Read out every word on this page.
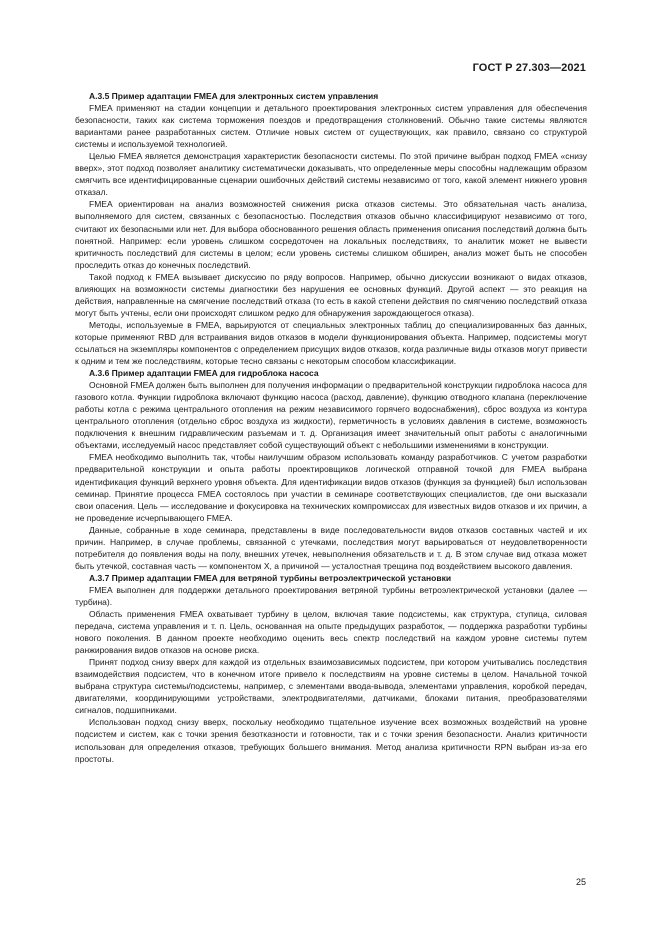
ГОСТ Р 27.303—2021
А.3.5 Пример адаптации FMEA для электронных систем управления

FMEA применяют на стадии концепции и детального проектирования электронных систем управления для обеспечения безопасности, таких как система торможения поездов и предотвращения столкновений. Обычно такие системы являются вариантами ранее разработанных систем. Отличие новых систем от существующих, как правило, связано со структурой системы и используемой технологией.

Целью FMEA является демонстрация характеристик безопасности системы. По этой причине выбран подход FMEA «снизу вверх», этот подход позволяет аналитику систематически доказывать, что определенные меры способны надлежащим образом смягчить все идентифицированные сценарии ошибочных действий системы независимо от того, какой элемент нижнего уровня отказал.

FMEA ориентирован на анализ возможностей снижения риска отказов системы. Это обязательная часть анализа, выполняемого для систем, связанных с безопасностью. Последствия отказов обычно классифицируют независимо от того, считают их безопасными или нет. Для выбора обоснованного решения область применения описания последствий должна быть понятной. Например: если уровень слишком сосредоточен на локальных последствиях, то аналитик может не вывести критичность последствий для системы в целом; если уровень системы слишком обширен, анализ может быть не способен проследить отказ до конечных последствий.

Такой подход к FMEA вызывает дискуссию по ряду вопросов. Например, обычно дискуссии возникают о видах отказов, влияющих на возможности системы диагностики без нарушения ее основных функций. Другой аспект — это реакция на действия, направленные на смягчение последствий отказа (то есть в какой степени действия по смягчению последствий отказа могут быть учтены, если они происходят слишком редко для обнаружения зарождающегося отказа).

Методы, используемые в FMEA, варьируются от специальных электронных таблиц до специализированных баз данных, которые применяют RBD для встраивания видов отказов в модели функционирования объекта. Например, подсистемы могут ссылаться на экземпляры компонентов с определением присущих видов отказов, когда различные виды отказов могут привести к одним и тем же последствиям, которые тесно связаны с некоторым способом классификации.

А.3.6 Пример адаптации FMEA для гидроблока насоса

Основной FMEA должен быть выполнен для получения информации о предварительной конструкции гидроблока насоса для газового котла. Функции гидроблока включают функцию насоса (расход, давление), функцию отводного клапана (переключение работы котла с режима центрального отопления на режим независимого горячего водоснабжения), сброс воздуха из контура центрального отопления (отдельно сброс воздуха из жидкости), герметичность в условиях давления в системе, возможность подключения к внешним гидравлическим разъемам и т. д. Организация имеет значительный опыт работы с аналогичными объектами, исследуемый насос представляет собой существующий объект с небольшими изменениями в конструкции.

FMEA необходимо выполнить так, чтобы наилучшим образом использовать команду разработчиков. С учетом разработки предварительной конструкции и опыта работы проектировщиков логической отправной точкой для FMEA выбрана идентификация функций верхнего уровня объекта. Для идентификации видов отказов (функция за функцией) был использован семинар. Принятие процесса FMEA состоялось при участии в семинаре соответствующих специалистов, где они высказали свои опасения. Цель — исследование и фокусировка на технических компромиссах для известных видов отказов и их причин, а не проведение исчерпывающего FMEA.

Данные, собранные в ходе семинара, представлены в виде последовательности видов отказов составных частей и их причин. Например, в случае проблемы, связанной с утечками, последствия могут варьироваться от неудовлетворенности потребителя до появления воды на полу, внешних утечек, невыполнения обязательств и т. д. В этом случае вид отказа может быть утечкой, составная часть — компонентом X, а причиной — усталостная трещина под воздействием высокого давления.

А.3.7 Пример адаптации FMEA для ветряной турбины ветроэлектрической установки

FMEA выполнен для поддержки детального проектирования ветряной турбины ветроэлектрической установки (далее — турбина).

Область применения FMEA охватывает турбину в целом, включая такие подсистемы, как структура, ступица, силовая передача, система управления и т. п. Цель, основанная на опыте предыдущих разработок, — поддержка разработки турбины нового поколения. В данном проекте необходимо оценить весь спектр последствий на каждом уровне системы путем ранжирования видов отказов на основе риска.

Принят подход снизу вверх для каждой из отдельных взаимозависимых подсистем, при котором учитывались последствия взаимодействия подсистем, что в конечном итоге привело к последствиям на уровне системы в целом. Начальной точкой выбрана структура системы/подсистемы, например, с элементами ввода-вывода, элементами управления, коробкой передач, двигателями, координирующими устройствами, электродвигателями, датчиками, блоками питания, преобразователями сигналов, подшипниками.

Использован подход снизу вверх, поскольку необходимо тщательное изучение всех возможных воздействий на уровне подсистем и систем, как с точки зрения безотказности и готовности, так и с точки зрения безопасности. Анализ критичности использован для определения отказов, требующих большего внимания. Метод анализа критичности RPN выбран из-за его простоты.

25
